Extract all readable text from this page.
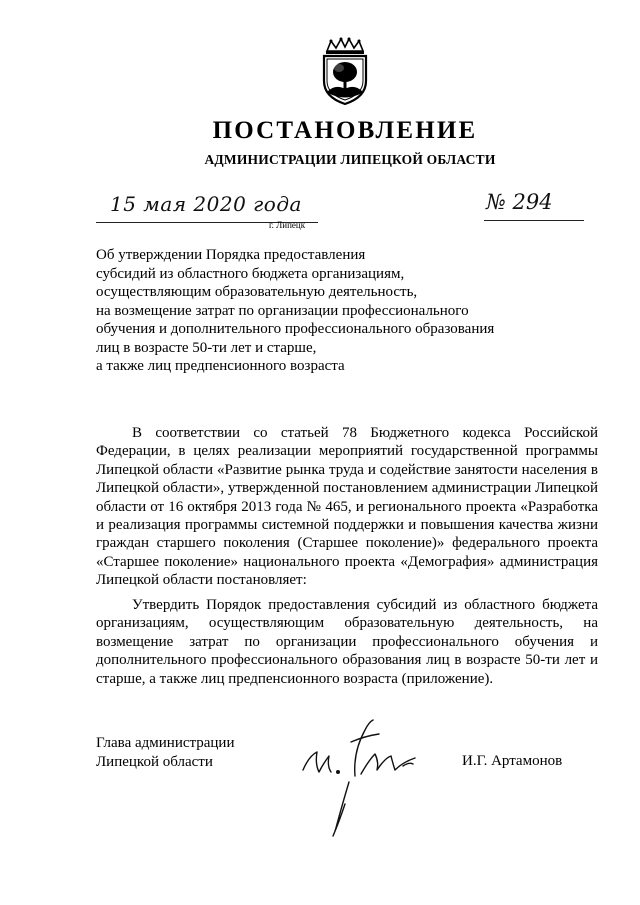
ПОСТАНОВЛЕНИЕ
АДМИНИСТРАЦИИ ЛИПЕЦКОЙ ОБЛАСТИ
15 мая 2020 года
г. Липецк
№ 294
Об утверждении Порядка предоставления
субсидий из областного бюджета организациям,
осуществляющим образовательную деятельность,
на возмещение затрат по организации профессионального
обучения и дополнительного профессионального образования
лиц в возрасте 50-ти лет и старше,
а также лиц предпенсионного возраста
В соответствии со статьей 78 Бюджетного кодекса Российской Федерации, в целях реализации мероприятий государственной программы Липецкой области «Развитие рынка труда и содействие занятости населения в Липецкой области», утвержденной постановлением администрации Липецкой области от 16 октября 2013 года № 465, и регионального проекта «Разработка и реализация программы системной поддержки и повышения качества жизни граждан старшего поколения (Старшее поколение)» федерального проекта «Старшее поколение» национального проекта «Демография» администрация Липецкой области постановляет:
Утвердить Порядок предоставления субсидий из областного бюджета организациям, осуществляющим образовательную деятельность, на возмещение затрат по организации профессионального обучения и дополнительного профессионального образования лиц в возрасте 50-ти лет и старше, а также лиц предпенсионного возраста (приложение).
Глава администрации
Липецкой области	И.Г. Артамонов
